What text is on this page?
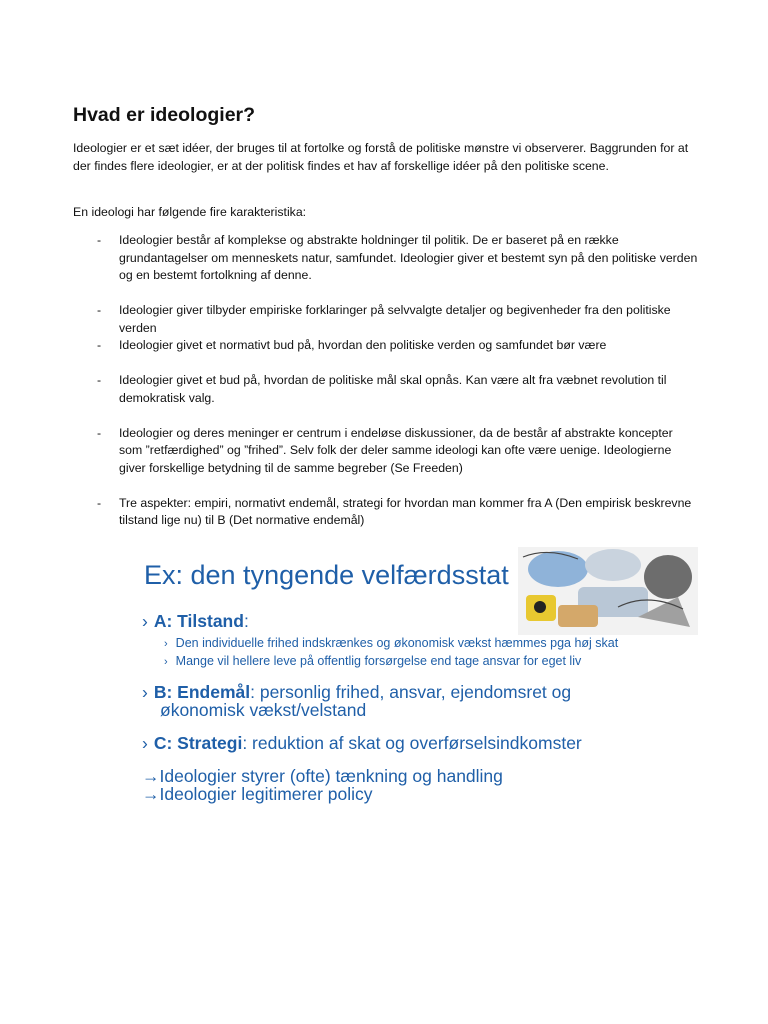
Hvad er ideologier?

Ideologier er et sæt idéer, der bruges til at fortolke og forstå de politiske mønstre vi observerer. Baggrunden for at der findes flere ideologier, er at der politisk findes et hav af forskellige idéer på den politiske scene.

En ideologi har følgende fire karakteristika:

- Ideologier består af komplekse og abstrakte holdninger til politik. De er baseret på en række grundantagelser om menneskets natur, samfundet. Ideologier giver et bestemt syn på den politiske verden og en bestemt fortolkning af denne.
- Ideologier giver tilbyder empiriske forklaringer på selvvalgte detaljer og begivenheder fra den politiske verden
- Ideologier givet et normativt bud på, hvordan den politiske verden og samfundet bør være
- Ideologier givet et bud på, hvordan de politiske mål skal opnås. Kan være alt fra væbnet revolution til demokratisk valg.
- Ideologier og deres meninger er centrum i endeløse diskussioner, da de består af abstrakte koncepter som ”retfærdighed” og ”frihed”. Selv folk der deler samme ideologi kan ofte være uenige. Ideologierne giver forskellige betydning til de samme begreber (Se Freeden)
- Tre aspekter: empiri, normativt endemål, strategi for hvordan man kommer fra A (Den empirisk beskrevne tilstand lige nu) til B (Det normative endemål)
Ex: den tyngende velfærdsstat
› A: Tilstand:
› Den individuelle frihed indskrænkes og økonomisk vækst hæmmes pga høj skat
› Mange vil hellere leve på offentlig forsørgelse end tage ansvar for eget liv
› B: Endemål: personlig frihed, ansvar, ejendomsret og
økonomisk vækst/velstand
› C: Strategi: reduktion af skat og overførselsindkomster
→Ideologier styrer (ofte) tænkning og handling
→Ideologier legitimerer policy
